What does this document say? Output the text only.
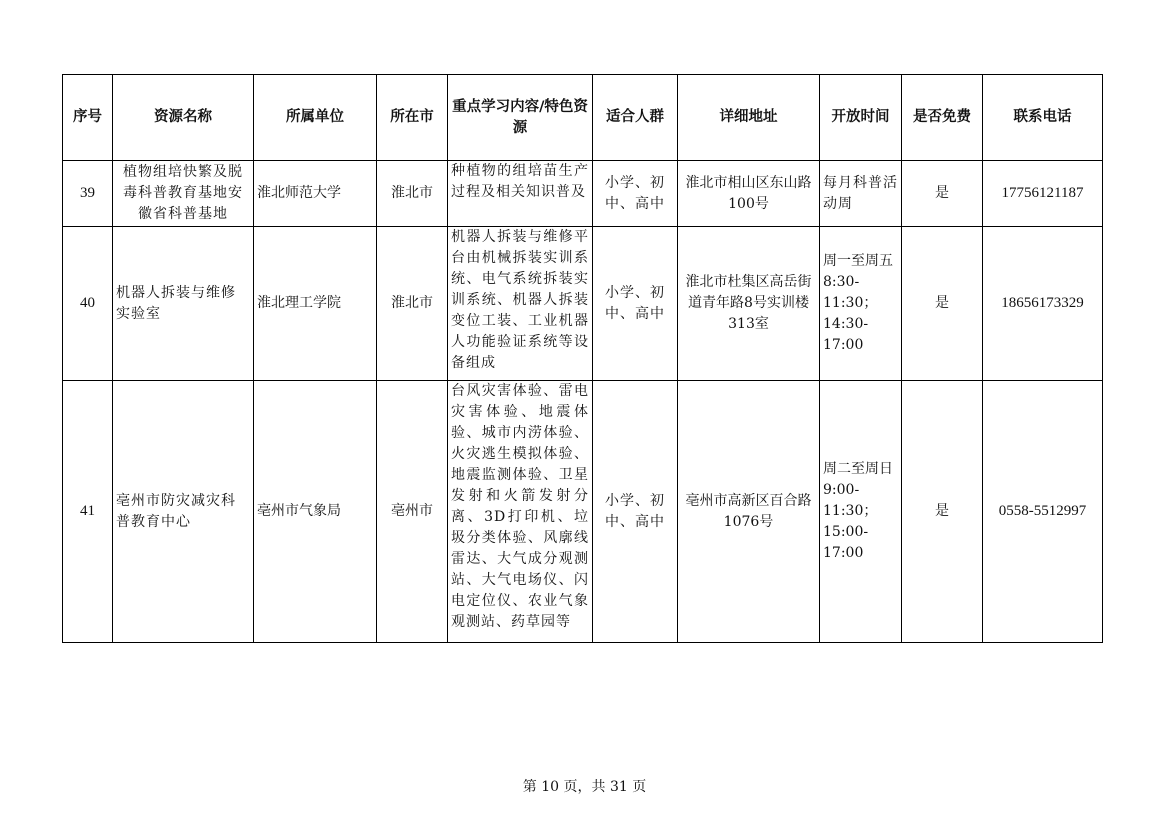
序号	资源名称	所属单位	所在市	重点学习内容/特色资源	适合人群	详细地址	开放时间	是否免费	联系电话
39	植物组培快繁及脱毒科普教育基地安徽省科普基地	淮北师范大学	淮北市	种植物的组培苗生产过程及相关知识普及	小学、初中、高中	淮北市相山区东山路100号	每月科普活动周	是	17756121187
40	机器人拆装与维修实验室	淮北理工学院	淮北市	机器人拆装与维修平台由机械拆装实训系统、电气系统拆装实训系统、机器人拆装变位工装、工业机器人功能验证系统等设备组成	小学、初中、高中	淮北市杜集区高岳街道青年路8号实训楼313室	周一至周五8:30-11:30；14:30-17:00	是	18656173329
41	亳州市防灾减灾科普教育中心	亳州市气象局	亳州市	台风灾害体验、雷电灾害体验、地震体验、城市内涝体验、火灾逃生模拟体验、地震监测体验、卫星发射和火箭发射分离、3D打印机、垃圾分类体验、风廓线雷达、大气成分观测站、大气电场仪、闪电定位仪、农业气象观测站、药草园等	小学、初中、高中	亳州市高新区百合路1076号	周二至周日 9:00-11:30；15:00-17:00	是	0558-5512997
第 10 页，共 31 页
